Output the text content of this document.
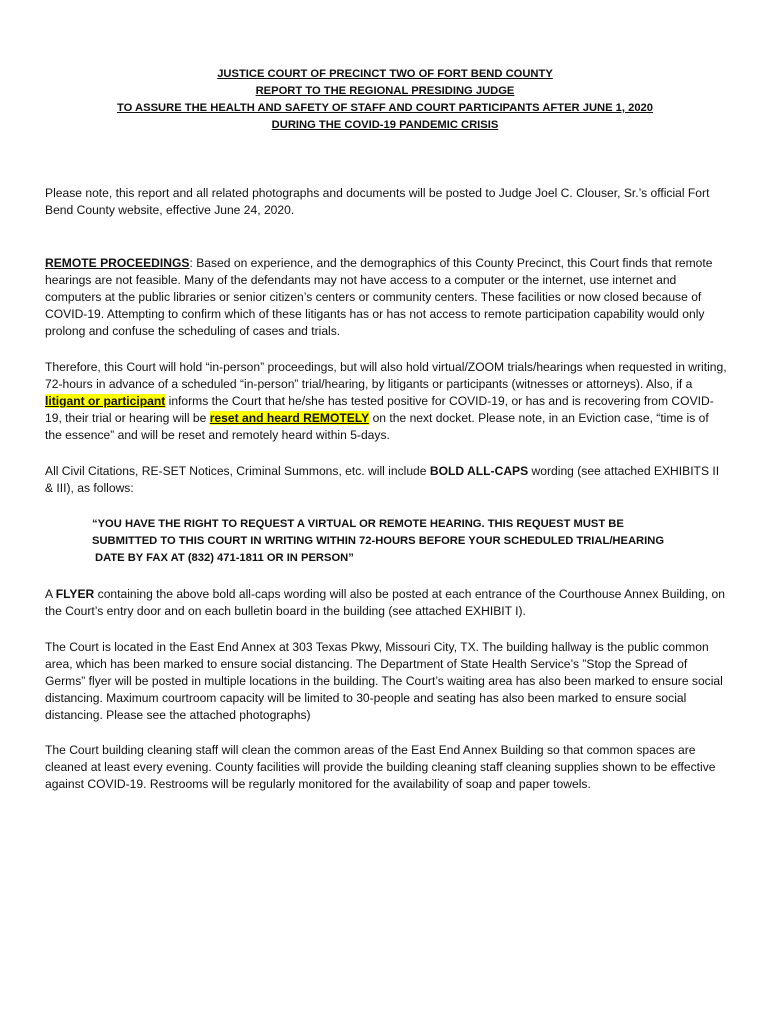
JUSTICE COURT OF PRECINCT TWO OF FORT BEND COUNTY
REPORT TO THE REGIONAL PRESIDING JUDGE
TO ASSURE THE HEALTH AND SAFETY OF STAFF AND COURT PARTICIPANTS AFTER JUNE 1, 2020
DURING THE COVID-19 PANDEMIC CRISIS

Please note, this report and all related photographs and documents will be posted to Judge Joel C. Clouser, Sr.’s official Fort Bend County website, effective June 24, 2020.

REMOTE PROCEEDINGS: Based on experience, and the demographics of this County Precinct, this Court finds that remote hearings are not feasible. Many of the defendants may not have access to a computer or the internet, use internet and computers at the public libraries or senior citizen’s centers or community centers. These facilities or now closed because of COVID-19. Attempting to confirm which of these litigants has or has not access to remote participation capability would only prolong and confuse the scheduling of cases and trials.

Therefore, this Court will hold “in-person” proceedings, but will also hold virtual/ZOOM trials/hearings when requested in writing, 72-hours in advance of a scheduled “in-person” trial/hearing, by litigants or participants (witnesses or attorneys). Also, if a litigant or participant informs the Court that he/she has tested positive for COVID-19, or has and is recovering from COVID-19, their trial or hearing will be reset and heard REMOTELY on the next docket. Please note, in an Eviction case, “time is of the essence” and will be reset and remotely heard within 5-days.

All Civil Citations, RE-SET Notices, Criminal Summons, etc. will include BOLD ALL-CAPS wording (see attached EXHIBITS II & III), as follows:

“YOU HAVE THE RIGHT TO REQUEST A VIRTUAL OR REMOTE HEARING. THIS REQUEST MUST BE
SUBMITTED TO THIS COURT IN WRITING WITHIN 72-HOURS BEFORE YOUR SCHEDULED TRIAL/HEARING
DATE BY FAX AT (832) 471-1811 OR IN PERSON”

A FLYER containing the above bold all-caps wording will also be posted at each entrance of the Courthouse Annex Building, on the Court’s entry door and on each bulletin board in the building (see attached EXHIBIT I).

The Court is located in the East End Annex at 303 Texas Pkwy, Missouri City, TX. The building hallway is the public common area, which has been marked to ensure social distancing. The Department of State Health Service’s ”Stop the Spread of Germs” flyer will be posted in multiple locations in the building. The Court’s waiting area has also been marked to ensure social distancing. Maximum courtroom capacity will be limited to 30-people and seating has also been marked to ensure social distancing. Please see the attached photographs)

The Court building cleaning staff will clean the common areas of the East End Annex Building so that common spaces are cleaned at least every evening. County facilities will provide the building cleaning staff cleaning supplies shown to be effective against COVID-19. Restrooms will be regularly monitored for the availability of soap and paper towels.
